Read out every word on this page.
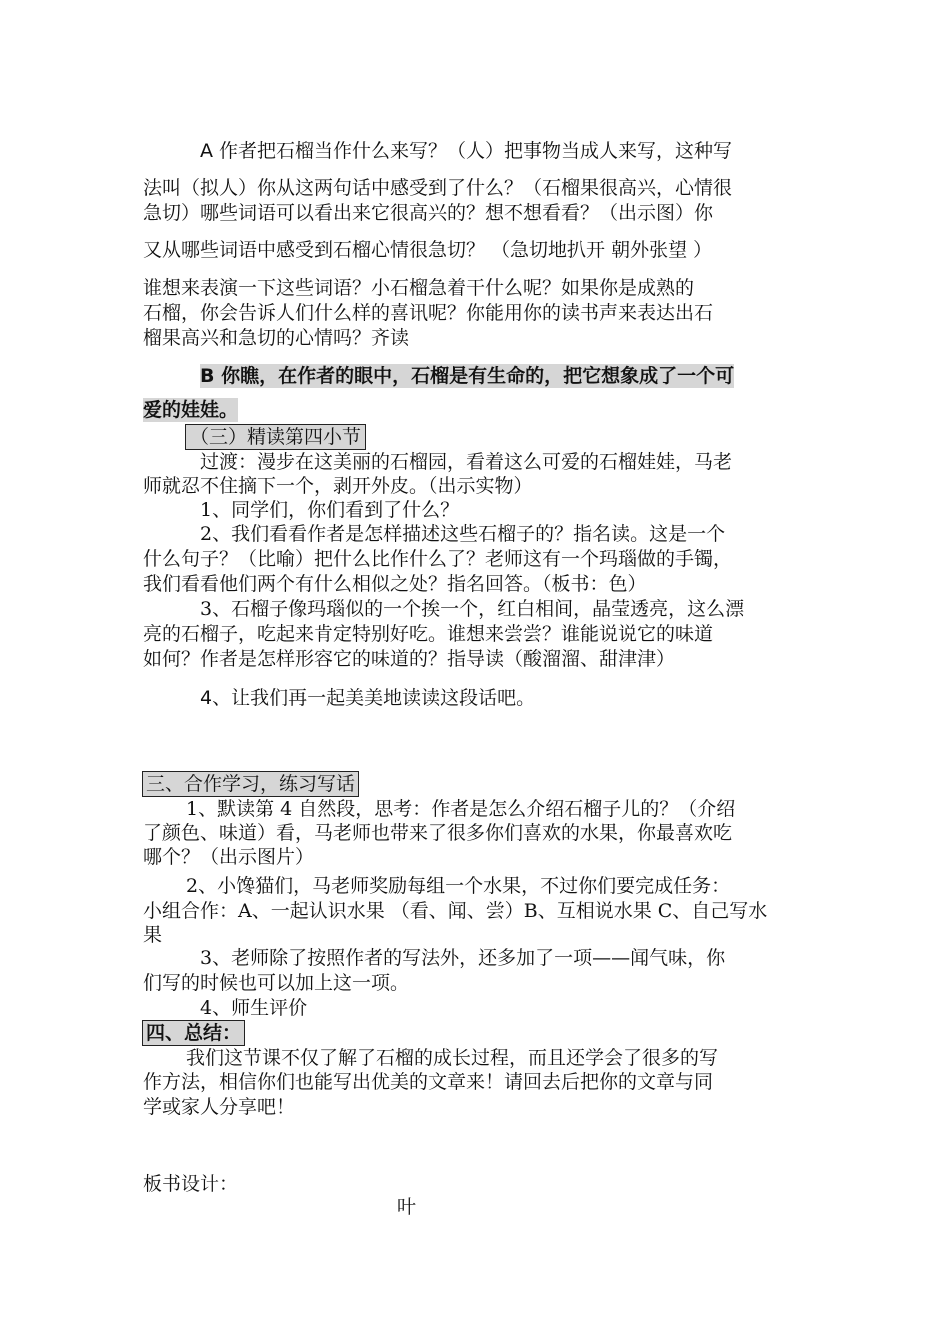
A 作者把石榴当作什么来写？（人）把事物当成人来写，这种写
法叫（拟人）你从这两句话中感受到了什么？（石榴果很高兴，心情很
急切）哪些词语可以看出来它很高兴的？想不想看看？（出示图）你
又从哪些词语中感受到石榴心情很急切？ （急切地扒开 朝外张望 ）
谁想来表演一下这些词语？小石榴急着干什么呢？如果你是成熟的
石榴，你会告诉人们什么样的喜讯呢？你能用你的读书声来表达出石
榴果高兴和急切的心情吗？齐读
B 你瞧，在作者的眼中，石榴是有生命的，把它想象成了一个可
爱的娃娃。
（三）精读第四小节
过渡：漫步在这美丽的石榴园，看着这么可爱的石榴娃娃，马老
师就忍不住摘下一个，剥开外皮。（出示实物）
1、同学们，你们看到了什么？
2、我们看看作者是怎样描述这些石榴子的？指名读。这是一个
什么句子？（比喻）把什么比作什么了？老师这有一个玛瑙做的手镯，
我们看看他们两个有什么相似之处？指名回答。（板书：色）
3、石榴子像玛瑙似的一个挨一个，红白相间，晶莹透亮，这么漂
亮的石榴子，吃起来肯定特别好吃。谁想来尝尝？谁能说说它的味道
如何？作者是怎样形容它的味道的？指导读（酸溜溜、甜津津）
4、让我们再一起美美地读读这段话吧。
三、合作学习，练习写话
1、默读第 4 自然段，思考：作者是怎么介绍石榴子儿的？（介绍
了颜色、味道）看，马老师也带来了很多你们喜欢的水果，你最喜欢吃
哪个？（出示图片）
2、小馋猫们，马老师奖励每组一个水果，不过你们要完成任务：
小组合作：A、一起认识水果 （看、闻、尝）B、互相说水果 C、自己写水
果
3、老师除了按照作者的写法外，还多加了一项——闻气味，你
们写的时候也可以加上这一项。
4、师生评价
四、总结：
我们这节课不仅了解了石榴的成长过程，而且还学会了很多的写
作方法，相信你们也能写出优美的文章来！请回去后把你的文章与同
学或家人分享吧！
板书设计：
叶
